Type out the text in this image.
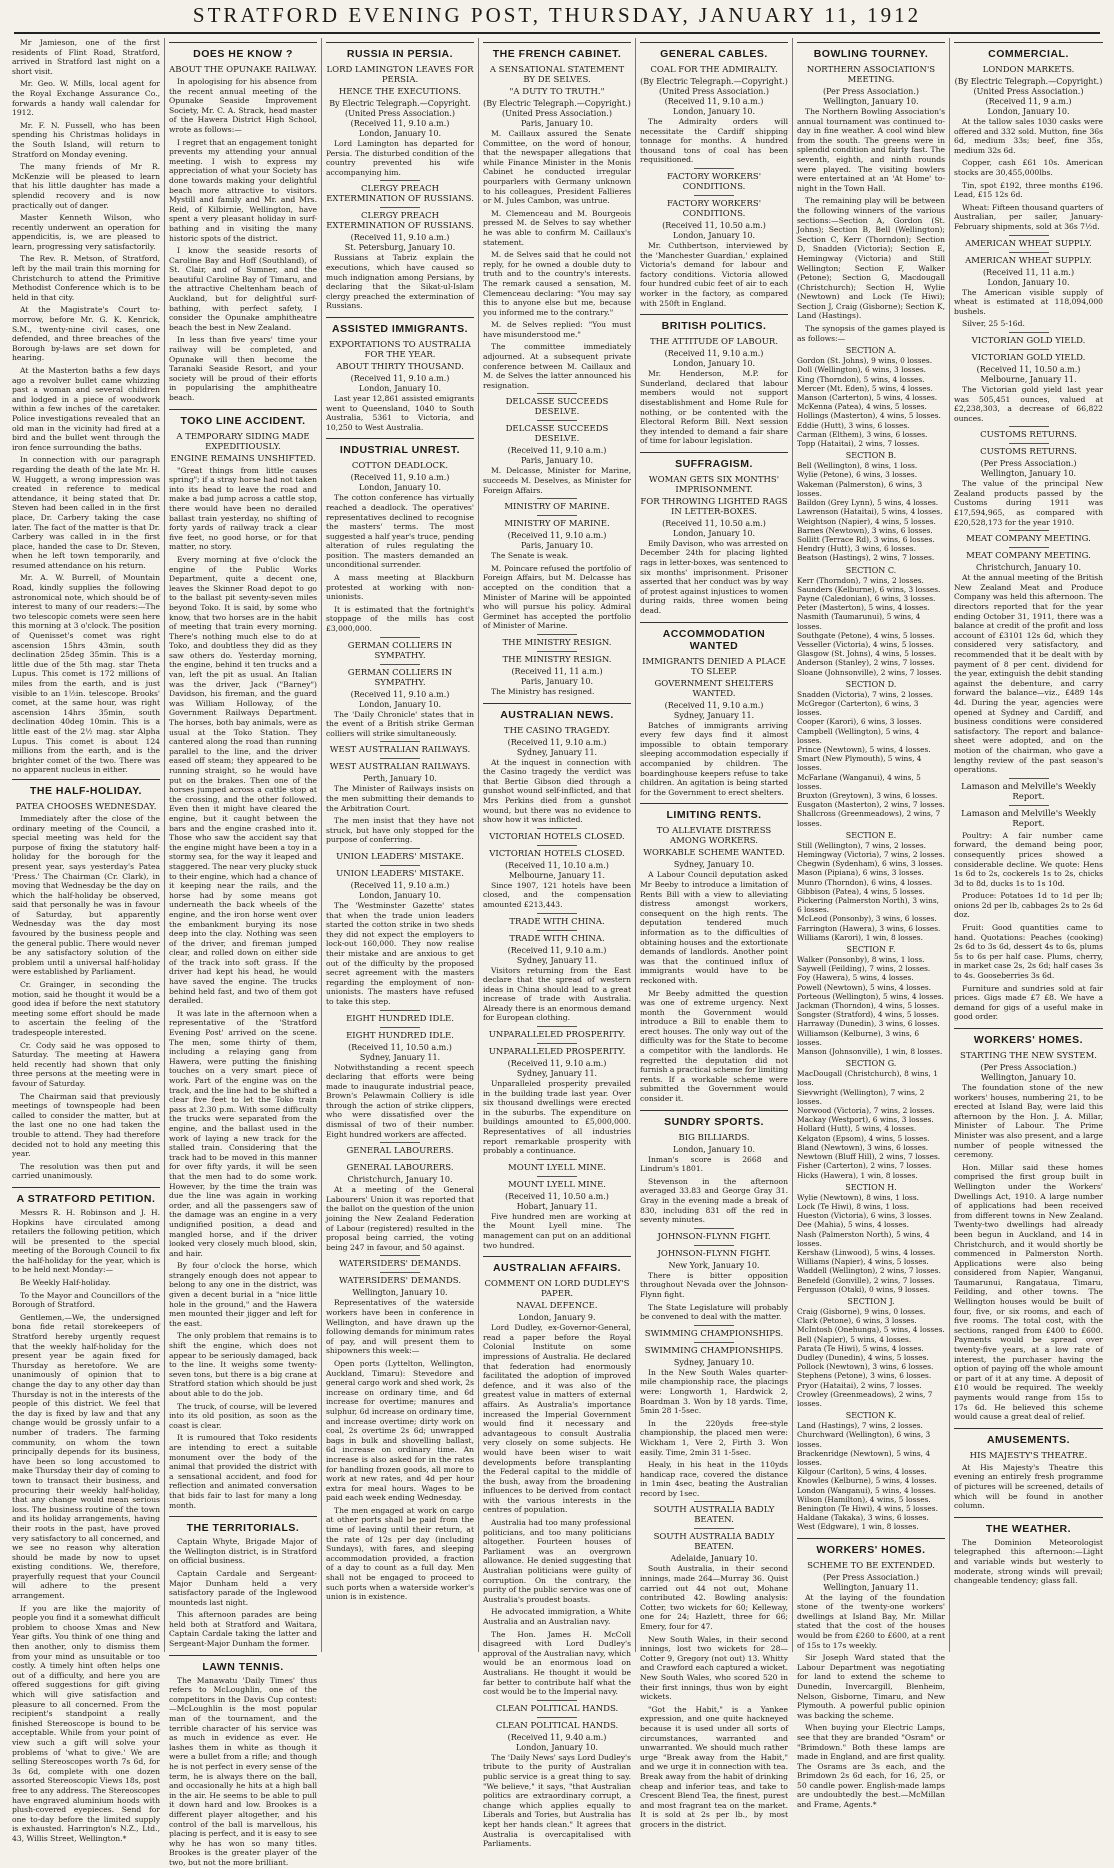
STRATFORD EVENING POST, THURSDAY, JANUARY 11, 1912

Mr Jamieson, one of the first residents of Flint Road, Stratford, arrived in Stratford last night on a short visit.

Mr. Geo. W. Mills, local agent for the Royal Exchange Assurance Co., forwards a handy wall calendar for 1912.

Mr. F. N. Fussell, who has been spending his Christmas holidays in the South Island, will return to Stratford on Monday evening.

The many friends of Mr R. McKenzie will be pleased to learn that his little daughter has made a splendid recovery and is now practically out of danger.

Master Kenneth Wilson, who recently underwent an operation for appendicitis, is, we are pleased to learn, progressing very satisfactorily.

The Rev. R. Metson, of Stratford, left by the mail train this morning for Christchurch to attend the Primitive Methodist Conference which is to be held in that city.

At the Magistrate's Court to-morrow, before Mr. G. K. Kenrick, S.M., twenty-nine civil cases, one defended, and three breaches of the Borough by-laws are set down for hearing.

At the Masterton baths a few days ago a revolver bullet came whizzing past a woman and several children and lodged in a piece of woodwork within a few inches of the caretaker. Police investigations revealed that an old man in the vicinity had fired at a bird and the bullet went through the iron fence surrounding the baths.

In connection with our paragraph regarding the death of the late Mr. H. W. Huggett, a wrong impression was created in reference to medical attendance, it being stated that Dr. Steven had been called in in the first place, Dr. Carbery taking the case later. The fact of the matter is that Dr. Carbery was called in in the first place, handed the case to Dr. Steven, when he left town temporarily, and resumed attendance on his return.

Mr. A. W. Burrell, of Mountain Road, kindly supplies the following astronomical note, which should be of interest to many of our readers:—The two telescopic comets were seen here this morning at 3 o'clock. The position of Quenisset's comet was right ascension 15hrs 43min, south declination 25deg 35min. This is a little due of the 5th mag. star Theta Lupus. This comet is 172 millions of miles from the earth, and is just visible to an 1½in. telescope. Brooks' comet, at the same hour, was right ascension 14hrs 35min, south declination 40deg 10min. This is a little east of the 2½ mag. star Alpha Lupus. This comet is about 124 millions from the earth, and is the brighter comet of the two. There was no apparent nucleus in either.

THE HALF-HOLIDAY.
PATEA CHOOSES WEDNESDAY.

Immediately after the close of the ordinary meeting of the Council, a special meeting was held for the purpose of fixing the statutory half-holiday for the borough for the present year, says yesterday's Patea 'Press.' The Chairman (Cr. Clark), in moving that Wednesday be the day on which the half-holiday be observed, said that personally he was in favour of Saturday, but apparently Wednesday was the day most favoured by the business people and the general public. There would never be any satisfactory solution of the problem until a universal half-holiday were established by Parliament.

Cr. Grainger, in seconding the motion, said he thought it would be a good idea if before the next statutory meeting some effort should be made to ascertain the feeling of the tradespeople interested.

Cr. Cody said he was opposed to Saturday. The meeting at Hawera held recently had shown that only three persons at the meeting were in favour of Saturday.

The Chairman said that previously meetings of townspeople had been called to consider the matter, but at the last one no one had taken the trouble to attend. They had therefore decided not to hold any meeting this year.

The resolution was then put and carried unanimously.

A STRATFORD PETITION.

Messrs R. H. Robinson and J. H. Hopkins have circulated among retailers the following petition, which will be presented to the special meeting of the Borough Council to fix the half-holiday for the year, which is to be held next Monday:—

Be Weekly Half-holiday.

To the Mayor and Councillors of the Borough of Stratford.

Gentlemen,—We, the undersigned bona fide retail storekeepers of Stratford hereby urgently request that the weekly half-holiday for the present year be again fixed for Thursday as heretofore. We are unanimously of opinion that to change the day to any other day than Thursday is not in the interests of the people of this district. We feel that the day is fixed by law and that any change would be grossly unfair to a number of traders. The farming community, on whom the town principally depends for its business, have been so long accustomed to make Thursday their day of coming to town to transact their business, and procuring their weekly half-holiday, that any change would mean serious loss. The business routine of the town and its holiday arrangements, having their roots in the past, have proved very satisfactory to all concerned, and we see no reason why alteration should be made by now to upset existing conditions. We, therefore, prayerfully request that your Council will adhere to the present arrangement.

If you are like the majority of people you find it a somewhat difficult problem to choose Xmas and New Year gifts. You think of one thing and then another, only to dismiss them from your mind as unsuitable or too costly. A timely hint often helps one out of a difficulty, and here you are offered suggestions for gift giving which will give satisfaction and pleasure to all concerned. From the recipient's standpoint a really finished Stereoscope is bound to be acceptable. While from your point of view such a gift will solve your problems of 'what to give.' We are selling Stereoscopes worth 7s 6d, for 3s 6d, complete with one dozen assorted Stereoscopic Views 18s, post free to any address. The Stereoscopes have engraved aluminium hoods with plush-covered eyepieces. Send for one to-day before the limited supply is exhausted. Harrington's N.Z., Ltd., 43, Willis Street, Wellington.*

DOES HE KNOW ?
ABOUT THE OPUNAKE RAILWAY.

In apologising for his absence from the recent annual meeting of the Opunake Seaside Improvement Society, Mr. C. A. Strack, head master of the Hawera District High School, wrote as follows:—

I regret that an engagement tonight prevents my attending your annual meeting. I wish to express my appreciation of what your Society has done towards making your delightful beach more attractive to visitors. Mystill and family and Mr. and Mrs. Reid, of Kilbirnie, Wellington, have spent a very pleasant holiday in surf-bathing and in visiting the many historic spots of the district.

I know the seaside resorts of Caroline Bay and Hoff (Southland), of St. Clair, and of Sumner, and the beautiful Caroline Bay of Timaru, and the attractive Cheltenham beach of Auckland, but for delightful surf-bathing, with perfect safety, I consider the Opunake amphitheatre beach the best in New Zealand.

In less than five years' time your railway will be completed, and Opunake will then become the Taranaki Seaside Resort, and your society will be proud of their efforts in popularising the amphitheatre beach.

TOKO LINE ACCIDENT.
A TEMPORARY SIDING MADE EXPEDITIOUSLY.
ENGINE REMAINS UNSHIFTED.

"Great things from little causes spring"; if a stray horse had not taken into its head to leave the road and make a bad jump across a cattle stop, there would have been no derailed ballast train yesterday, no shifting of forty yards of railway track a clear five feet, no good horse, or for that matter, no story.

Every morning at five o'clock the engine of the Public Works Department, quite a decent one, leaves the Skinner Road depot to go to the ballast pit seventy-seven miles beyond Toko. It is said, by some who know, that two horses are in the habit of meeting that train every morning. There's nothing much else to do at Toko, and doubtless they did as they saw others do. Yesterday morning, the engine, behind it ten trucks and a van, left the pit as usual. An Italian was the driver, Jack ("Barney") Davidson, his fireman, and the guard was William Holloway, of the Government Railways Department. The horses, both bay animals, were as usual at the Toko Station. They cantered along the road than running parallel to the line, and the driver eased off steam; they appeared to be running straight, so he would have put on the brakes. Then one of the horses jumped across a cattle stop at the crossing, and the other followed. Even then it might have cleared the engine, but it caught between the bars and the engine crashed into it. Those who saw the accident say that the engine might have been a toy in a stormy sea, for the way it leaped and staggered. The near very plucky stuck to their engine, which had a chance of it keeping near the rails, and the horse had by some means got underneath the back wheels of the engine, and the iron horse went over the embankment burying its nose deep into the clay. Nothing was seen of the driver, and fireman jumped clear, and rolled down on either side of the track into soft grass. If the driver had kept his head, he would have saved the engine. The trucks behind held fast, and two of them got derailed.

It was late in the afternoon when a representative of the 'Stratford Evening Post' arrived on the scene. The men, some thirty of them, including a relaying gang from Hawera, were putting the finishing touches on a very smart piece of work. Part of the engine was on the track, and the line had to be shifted a clear five feet to let the Toko train pass at 2.30 p.m. With some difficulty the trucks were separated from the engine, and the ballast used in the work of laying a new track for the stalled train. Considering that the track had to be moved in this manner for over fifty yards, it will be seen that the men had to do some work. However, by the time the train was due the line was again in working order, and all the passengers saw of the damage was an engine in a very undignified position, a dead and mangled horse, and if the driver looked very closely much blood, skin, and hair.

By four o'clock the horse, which strangely enough does not appear to belong to any one in the district, was given a decent burial in a "nice little hole in the ground," and the Hawera men mounted their jigger and left for the east.

The only problem that remains is to shift the engine, which does not appear to be seriously damaged, back to the line. It weighs some twenty-seven tons, but there is a big crane at Stratford station which should be just about able to do the job.

The truck, of course, will be levered into its old position, as soon as the coast is clear.

It is rumoured that Toko residents are intending to erect a suitable monument over the body of the animal that provided the district with a sensational accident, and food for reflection and animated conversation that bids fair to last for many a long month.

THE TERRITORIALS.

Captain Whyte, Brigade Major of the Wellington district, is in Stratford on official business.

Captain Cardale and Sergeant-Major Dunham held a very satisfactory parade of the Inglewood mounteds last night.

This afternoon parades are being held both at Stratford and Waitara, Captain Cardale taking the latter and Sergeant-Major Dunham the former.

LAWN TENNIS.

The Manawatu 'Daily Times' thus refers to McLoughlin, one of the competitors in the Davis Cup contest:—McLoughlin is the most popular man of the tournament, and the terrible character of his service was as much in evidence as ever. He lashes them in white as though it were a bullet from a rifle; and though he is not perfect in every sense of the term, he is always there on the ball, and occasionally he hits at a high ball in the air. He seems to be able to pull it down hard and low. Brookes is a different player altogether, and his control of the ball is marvellous, his placing is perfect, and it is easy to see why he has won so many titles. Brookes is the greater player of the two, but not the more brilliant.

RUSSIA IN PERSIA.
LORD LAMINGTON LEAVES FOR PERSIA.
HENCE THE EXECUTIONS.
By Electric Telegraph.—Copyright.
(United Press Association.)
(Received 11, 9.10 a.m.)
London, January 10.

Lord Lamington has departed for Persia. The disturbed condition of the country prevented his wife accompanying him.

CLERGY PREACH EXTERMINATION OF RUSSIANS.
CLERGY PREACH EXTERMINATION OF RUSSIANS.
(Received 11, 9.10 a.m.)
St. Petersburg, January 10.

Russians at Tabriz explain the executions, which have caused so much indignation among Persians, by declaring that the Sikat-ul-Islam clergy preached the extermination of Russians.

ASSISTED IMMIGRANTS.
EXPORTATIONS TO AUSTRALIA FOR THE YEAR.
ABOUT THIRTY THOUSAND.
(Received 11, 9.10 a.m.)
London, January 10.

Last year 12,861 assisted emigrants went to Queensland, 1040 to South Australia, 5361 to Victoria, and 10,250 to West Australia.

INDUSTRIAL UNREST.
COTTON DEADLOCK.
(Received 11, 9.10 a.m.)
London, January 10.

The cotton conference has virtually reached a deadlock. The operatives' representatives declined to recognise the masters' terms. The most suggested a half year's truce, pending alteration of rules regulating the position. The masters demanded an unconditional surrender.

A mass meeting at Blackburn protested at working with non-unionists.

It is estimated that the fortnight's stoppage of the mills has cost £3,000,000.

GERMAN COLLIERS IN SYMPATHY.
GERMAN COLLIERS IN SYMPATHY.
(Received 11, 9.10 a.m.)
London, January 10.

The 'Daily Chronicle' states that in the event of a British strike German colliers will strike simultaneously.

WEST AUSTRALIAN RAILWAYS.
WEST AUSTRALIAN RAILWAYS.
Perth, January 10.

The Minister of Railways insists on the men submitting their demands to the Arbitration Court.

The men insist that they have not struck, but have only stopped for the purpose of conferring.

UNION LEADERS' MISTAKE.
UNION LEADERS' MISTAKE.
(Received 11, 9.10 a.m.)
London, January 10.

The 'Westminster Gazette' states that when the trade union leaders started the cotton strike in two sheds they did not expect the employers to lock-out 160,000. They now realise their mistake and are anxious to get out of the difficulty by the proposed secret agreement with the masters regarding the employment of non-unionists. The masters have refused to take this step.

EIGHT HUNDRED IDLE.
EIGHT HUNDRED IDLE.
(Received 11, 10.50 a.m.)
Sydney, January 11.

Notwithstanding a recent speech declaring that efforts were being made to inaugurate industrial peace, Brown's Pelawmain Colliery is idle through the action of strike clippers, who were dissatisfied over the dismissal of two of their number. Eight hundred workers are affected.

GENERAL LABOURERS.
GENERAL LABOURERS.
Christchurch, January 10.

At a meeting of the General Labourers' Union it was reported that the ballot on the question of the union joining the New Zealand Federation of Labour (registered) resulted in the proposal being carried, the voting being 247 in favour, and 50 against.

WATERSIDERS' DEMANDS.
WATERSIDERS' DEMANDS.
Wellington, January 10.

Representatives of the waterside workers have been in conference in Wellington, and have drawn up the following demands for minimum rates of pay, and will present them to shipowners this week:—

Open ports (Lyttelton, Wellington, Auckland, Timaru): Stevedore and general cargo work and shed work, 2s increase on ordinary time, and 6d increase for overtime; manures and sulphur, 6d increase on ordinary time, and increase overtime; dirty work on coal, 2s overtime 2s 6d; unwrapped bags in bulk and shovelling ballast, 6d increase on ordinary time. An increase is also asked for in the rates for handling frozen goods, all more to work at new rates, and 4d per hour extra for meal hours. Wages to be paid each week ending Wednesday.

The men engaged at work on cargo at other ports shall be paid from the time of leaving until their return, at the rate of 12s per day (including Sundays), with fares, and sleeping accommodation provided, a fraction of a day to count as a full day. Men shall not be engaged to proceed to such ports when a waterside worker's union is in existence.

THE FRENCH CABINET.
A SENSATIONAL STATEMENT BY DE SELVES.
"A DUTY TO TRUTH."
(By Electric Telegraph.—Copyright.)
(United Press Association.)
Paris, January 10.

M. Caillaux assured the Senate Committee, on the word of honour, that the newspaper allegations that while Finance Minister in the Monis Cabinet he conducted irregular pourparlers with Germany unknown to his colleagues, President Fallieres or M. Jules Cambon, was untrue.

M. Clemenceau and M. Bourgeois pressed M. de Selves to say whether he was able to confirm M. Caillaux's statement.

M. de Selves said that he could not reply, for he owned a double duty to truth and to the country's interests. The remark caused a sensation, M. Clemenceau declaring: "You may say this to anyone else but me, because you informed me to the contrary."

M. de Selves replied: "You must have misunderstood me."

The committee immediately adjourned. At a subsequent private conference between M. Caillaux and M. de Selves the latter announced his resignation.

DELCASSE SUCCEEDS DESELVE.
DELCASSE SUCCEEDS DESELVE.
(Received 11, 9.10 a.m.)
Paris, January 10.

M. Delcasse, Minister for Marine, succeeds M. Deselves, as Minister for Foreign Affairs.

MINISTRY OF MARINE.
MINISTRY OF MARINE.
(Received 11, 9.10 a.m.)
Paris, January 10.

The Senate is weak.

M. Poincare refused the portfolio of Foreign Affairs, but M. Delcasse has accepted on the condition that a Minister of Marine will be appointed who will pursue his policy. Admiral Germinet has accepted the portfolio of Minister of Marine.

THE MINISTRY RESIGN.
THE MINISTRY RESIGN.
(Received 11, 11 a.m.)
Paris, January 10.

The Ministry has resigned.

AUSTRALIAN NEWS.
THE CASINO TRAGEDY.
(Received 11, 9.10 a.m.)
Sydney, January 11.

At the inquest in connection with the Casino tragedy the verdict was that Bertie Gibson died through a gunshot wound self-inflicted, and that Mrs Perkins died from a gunshot wound, but there was no evidence to show how it was inflicted.

VICTORIAN HOTELS CLOSED.
VICTORIAN HOTELS CLOSED.
(Received 11, 10.10 a.m.)
Melbourne, January 11.

Since 1907, 121 hotels have been closed, and the compensation amounted £213,443.

TRADE WITH CHINA.
TRADE WITH CHINA.
(Received 11, 9.10 a.m.)
Sydney, January 11.

Visitors returning from the East declare that the spread of western ideas in China should lead to a great increase of trade with Australia. Already there is an enormous demand for European clothing.

UNPARALLELED PROSPERITY.
UNPARALLELED PROSPERITY.
(Received 11, 9.10 a.m.)
Sydney, January 11.

Unparalleled prosperity prevailed in the building trade last year. Over six thousand dwellings were erected in the suburbs. The expenditure on buildings amounted to £5,000,000. Representatives of all industries report remarkable prosperity with probably a continuance.

MOUNT LYELL MINE.
MOUNT LYELL MINE.
(Received 11, 10.50 a.m.)
Hobart, January 11.

Five hundred men are working at the Mount Lyell mine. The management can put on an additional two hundred.

AUSTRALIAN AFFAIRS.
COMMENT ON LORD DUDLEY'S PAPER.
NAVAL DEFENCE.
London, January 9.

Lord Dudley, ex-Governor-General, read a paper before the Royal Colonial Institute on some impressions of Australia. He declared that federation had enormously facilitated the adoption of improved defence, and it was also of the greatest value in matters of external affairs. As Australia's importance increased the Imperial Government would find it necessary and advantageous to consult Australia very closely on some subjects. He would have been wiser to wait developments before transplanting the Federal capital to the middle of the bush, away from the broadening influences to be derived from contact with the various interests in the centres of population.

Australia had too many professional politicians, and too many politicians altogether. Fourteen houses of Parliament was an overgrown allowance. He denied suggesting that Australian politicians were guilty of corruption. On the contrary, the purity of the public service was one of Australia's proudest boasts.

He advocated immigration, a White Australia and an Australian navy.

The Hon. James H. McColl disagreed with Lord Dudley's approval of the Australian navy, which would be an enormous load on Australians. He thought it would be far better to contribute half what the cost would be to the Imperial navy.

CLEAN POLITICAL HANDS.
CLEAN POLITICAL HANDS.
(Received 11, 9.40 a.m.)
London, January 10.

The 'Daily News' says Lord Dudley's tribute to the purity of Australian public service is a great thing to say. "We believe," it says, "that Australian politics are extraordinary corrupt, a change which applies equally to Liberals and Tories, but Australia has kept her hands clean." It agrees that Australia is overcapitalised with Parliaments.

GENERAL CABLES.
COAL FOR THE ADMIRALTY.
(By Electric Telegraph.—Copyright.)
(United Press Association.)
(Received 11, 9.10 a.m.)
London, January 10.

The Admiralty orders will necessitate the Cardiff shipping tonnage for months. A hundred thousand tons of coal has been requisitioned.

FACTORY WORKERS' CONDITIONS.
FACTORY WORKERS' CONDITIONS.
(Received 11, 10.50 a.m.)
London, January 10.

Mr. Cuthbertson, interviewed by the 'Manchester Guardian,' explained Victoria's demand for labour and factory conditions. Victoria allowed four hundred cubic feet of air to each worker in the factory, as compared with 250ft in England.

BRITISH POLITICS.
THE ATTITUDE OF LABOUR.
(Received 11, 9.10 a.m.)
London, January 10.

Mr. Henderson, M.P. for Sunderland, declared that labour members would not support disestablishment and Home Rule for nothing, or be contented with the Electoral Reform Bill. Next session they intended to demand a fair share of time for labour legislation.

SUFFRAGISM.
WOMAN GETS SIX MONTHS' IMPRISONMENT.
FOR THROWING LIGHTED RAGS IN LETTER-BOXES.
(Received 11, 10.50 a.m.)
London, January 10.

Emily Davison, who was arrested on December 24th for placing lighted rags in letter-boxes, was sentenced to six months' imprisonment. Prisoner asserted that her conduct was by way of protest against injustices to women during raids, three women being dead.

ACCOMMODATION WANTED
IMMIGRANTS DENIED A PLACE TO SLEEP.
GOVERNMENT SHELTERS WANTED.
(Received 11, 9.10 a.m.)
Sydney, January 11.

Batches of immigrants arriving every few days find it almost impossible to obtain temporary sleeping accommodation especially if accompanied by children. The boardinghouse keepers refuse to take children. An agitation is being started for the Government to erect shelters.

LIMITING RENTS.
TO ALLEVIATE DISTRESS AMONG WORKERS.
WORKABLE SCHEME WANTED.
Sydney, January 10.

A Labour Council deputation asked Mr Beeby to introduce a limitation of Rents Bill with a view to alleviating distress amongst workers, consequent on the high rents. The deputation tendered much information as to the difficulties of obtaining houses and the extortionate demands of landlords. Another point was that the continued influx of immigrants would have to be reckoned with.

Mr Beeby admitted the question was one of extreme urgency. Next month the Government would introduce a Bill to enable them to erect houses. The only way out of the difficulty was for the State to become a competitor with the landlords. He regretted the deputation did not furnish a practical scheme for limiting rents. If a workable scheme were submitted the Government would consider it.

SUNDRY SPORTS.
BIG BILLIARDS.
London, January 10.

Inman's score is 2668 and Lindrum's 1801.

Stevenson in the afternoon averaged 33.83 and George Gray 31. Gray in the evening made a break of 830, including 831 off the red in seventy minutes.

JOHNSON-FLYNN FIGHT.
JOHNSON-FLYNN FIGHT.
New York, January 10.

There is bitter opposition throughout Nevada over the Johnson-Flynn fight.

The State Legislature will probably be convened to deal with the matter.

SWIMMING CHAMPIONSHIPS.
SWIMMING CHAMPIONSHIPS.
Sydney, January 10.

In the New South Wales quarter-mile championship race, the placings were: Longworth 1, Hardwick 2, Boardman 3. Won by 18 yards. Time, 5min 28 1-5sec.

In the 220yds free-style championship, the placed men were: Wickham 1, Vere 2, Firth 3. Won easily. Time, 2min 31 1-5sec.

Healy, in his heat in the 110yds handicap race, covered the distance in 1min 4sec, beating the Australian record by 1sec.

SOUTH AUSTRALIA BADLY BEATEN.
SOUTH AUSTRALIA BADLY BEATEN.
Adelaide, January 10.

South Australia, in their second innings, made 264—Murray 36. Quist carried out 44 not out, Mohane contributed 42. Bowling analysis: Cotter, two wickets for 60; Kelleway, one for 24; Hazlett, three for 66; Emery, four for 47.

New South Wales, in their second innings, lost two wickets for 28—Cotter 9, Gregory (not out) 13. Whitty and Crawford each captured a wicket. New South Wales, who scored 520 in their first innings, thus won by eight wickets.

"Got the Habit," is a Yankee expression, and one quite hackneyed because it is used under all sorts of circumstances, warranted and unwarranted. We should much rather urge "Break away from the Habit," and we urge it in connection with tea. Break away from the habit of drinking cheap and inferior teas, and take to Crescent Blend Tea, the finest, purest and most fragrant tea on the market. It is sold at 2s per lb., by most grocers in the district.

BOWLING TOURNEY.
NORTHERN ASSOCIATION'S MEETING.
(Per Press Association.)
Wellington, January 10.

The Northern Bowling Association's annual tournament was continued to-day in fine weather. A cool wind blew from the south. The greens were in splendid condition and fairly fast. The seventh, eighth, and ninth rounds were played. The visiting bowlers were entertained at an 'At Home' to-night in the Town Hall.

The remaining play will be between the following winners of the various sections:—Section A, Gordon (St. Johns); Section B, Bell (Wellington); Section C, Kerr (Thorndon); Section D, Snadden (Victoria); Section E, Hemingway (Victoria) and Still Wellington; Section F, Walker (Petone); Section G, Macdougall (Christchurch); Section H, Wylie (Newtown) and Lock (Te Hiwi); Section J, Craig (Gisborne); Section K, Land (Hastings).

The synopsis of the games played is as follows:—

SECTION A.
Gordon (St. Johns), 9 wins, 0 losses.
Doll (Wellington), 6 wins, 3 losses.
King (Thorndon), 5 wins, 4 losses.
Mercer (Mt. Eden), 5 wins, 4 losses.
Manson (Carterton), 5 wins, 4 losses.
McKenna (Patea), 4 wins, 5 losses.
Hollings (Masterton), 4 wins, 5 losses.
Eddie (Hutt), 3 wins, 6 losses.
Carman (Elthem), 3 wins, 6 losses.
Topp (Hataitai), 2 wins, 7 losses.
SECTION B.
Bell (Wellington), 8 wins, 1 loss.
Wylie (Petone), 6 wins, 3 losses.
Wakeman (Palmerston), 6 wins, 3 losses.
Baildon (Grey Lynn), 5 wins, 4 losses.
Lawrenson (Hataitai), 5 wins, 4 losses.
Weightson (Napier), 4 wins, 5 losses.
Barnes (Newtown), 3 wins, 6 losses.
Sollitt (Terrace Rd), 3 wins, 6 losses.
Hendry (Hutt), 3 wins, 6 losses.
Beatson (Hastings), 2 wins, 7 losses.
SECTION C.
Kerr (Thorndon), 7 wins, 2 losses.
Saunders (Kelburne), 6 wins, 3 losses.
Payne (Caledonian), 6 wins, 3 losses.
Peter (Masterton), 5 wins, 4 losses.
Nasmith (Taumarunui), 5 wins, 4 losses.
Southgate (Petone), 4 wins, 5 losses.
Vesseller (Victoria), 4 wins, 5 losses.
Glasgow (St. Johns), 4 wins, 5 losses.
Anderson (Stanley), 2 wins, 7 losses.
Sloane (Johnsonville), 2 wins, 7 losses.
SECTION D.
Snadden (Victoria), 7 wins, 2 losses.
McGregor (Carterton), 6 wins, 3 losses.
Cooper (Karori), 6 wins, 3 losses.
Campbell (Wellington), 5 wins, 4 losses.
Prince (Newtown), 5 wins, 4 losses.
Smart (New Plymouth), 5 wins, 4 losses.
McFarlane (Wanganui), 4 wins, 5 losses.
Bruxton (Greytown), 3 wins, 6 losses.
Eusgaton (Masterton), 2 wins, 7 losses.
Shallcross (Greenmeadows), 2 wins, 7 losses.
SECTION E.
Still (Wellington), 7 wins, 2 losses.
Hemingway (Victoria), 7 wins, 2 losses.
Chegwin (Sydenham), 6 wins, 3 losses.
Mason (Pipiana), 6 wins, 3 losses.
Munro (Thorndon), 6 wins, 4 losses.
Gibbison (Patea), 4 wins, 5 losses.
Pickering (Palmerston North), 3 wins, 6 losses.
McLeod (Ponsonby), 3 wins, 6 losses.
Farrington (Hawera), 3 wins, 6 losses.
Williams (Karori), 1 win, 8 losses.
SECTION F.
Walker (Ponsonby), 8 wins, 1 loss.
Saywell (Feilding), 7 wins, 2 losses.
Foy (Hawera), 5 wins, 4 losses.
Powell (Newtown), 5 wins, 4 losses.
Porteous (Wellington), 5 wins, 4 losses.
Jackman (Thorndon), 4 wins, 5 losses.
Songster (Stratford), 4 wins, 5 losses.
Harraway (Dunedin), 3 wins, 6 losses.
Williamson (Kelburne), 3 wins, 6 losses.
Manson (Johnsonville), 1 win, 8 losses.
SECTION G.
MacDougall (Christchurch), 8 wins, 1 loss.
Sievwright (Wellington), 7 wins, 2 losses.
Norwood (Victoria), 7 wins, 2 losses.
Mackay (Westport), 6 wins, 3 losses.
Hollard (Hutt), 5 wins, 4 losses.
Kelgaton (Epsom), 4 wins, 5 losses.
Bland (Newtown), 3 wins, 6 losses.
Newtown (Bluff Hill), 2 wins, 7 losses.
Fisher (Carterton), 2 wins, 7 losses.
Hicks (Hawera), 1 win, 8 losses.
SECTION H.
Wylie (Newtown), 8 wins, 1 loss.
Lock (Te Hiwi), 8 wins, 1 loss.
Hueston (Victoria), 6 wins, 3 losses.
Dee (Mahia), 5 wins, 4 losses.
Nash (Palmerston North), 5 wins, 4 losses.
Kershaw (Linwood), 5 wins, 4 losses.
Williams (Napier), 4 wins, 5 losses.
Waddell (Wellington), 2 wins, 7 losses.
Benefeld (Gonville), 2 wins, 7 losses.
Fergusson (Otaki), 0 wins, 9 losses.
SECTION J.
Craig (Gisborne), 9 wins, 0 losses.
Clark (Petone), 6 wins, 3 losses.
McIntosh (Onehunga), 5 wins, 4 losses.
Bell (Napier), 5 wins, 4 losses.
Parata (Te Hiwi), 5 wins, 4 losses.
Dudley (Dunedin), 4 wins, 5 losses.
Pollock (Newtown), 3 wins, 6 losses.
Stephens (Petone), 3 wins, 6 losses.
Pryor (Hataitai), 2 wins, 7 losses.
Crowley (Greenmeadows), 2 wins, 7 losses.
SECTION K.
Land (Hastings), 7 wins, 2 losses.
Churchward (Wellington), 6 wins, 3 losses.
Brackenridge (Newtown), 5 wins, 4 losses.
Kilgour (Carlton), 5 wins, 4 losses.
Knowles (Kelburne), 5 wins, 4 losses.
London (Wanganui), 5 wins, 4 losses.
Wilson (Hamilton), 4 wins, 5 losses.
Benington (Te Hiwi), 4 wins, 5 losses.
Haldane (Takaka), 3 wins, 6 losses.
West (Edgware), 1 win, 8 losses.
WORKERS' HOMES.
SCHEME TO BE EXTENDED.
(Per Press Association.)
Wellington, January 11.

At the laying of the foundation stone of the twenty-one workers' dwellings at Island Bay, Mr. Millar stated that the cost of the houses would be from £260 to £600, at a rent of 15s to 17s weekly.

Sir Joseph Ward stated that the Labour Department was negotiating for land to extend the scheme to Dunedin, Invercargill, Blenheim, Nelson, Gisborne, Timaru, and New Plymouth. A powerful public opinion was backing the scheme.

When buying your Electric Lamps, see that they are branded "Osram" or "Brimdown." Both these lamps are made in England, and are first quality. The Osrams are 3s each, and the Brimdown 2s 6d each, for 16, 25, or 50 candle power. English-made lamps are undoubtedly the best.—McMillan and Frame, Agents.*

COMMERCIAL.
LONDON MARKETS.
(By Electric Telegraph.—Copyright.)
(United Press Association.)
(Received 11, 9 a.m.)
London, January 10.

At the tallow sales 1030 casks were offered and 332 sold. Mutton, fine 36s 6d, medium 33s; beef, fine 35s, medium 32s 6d.

Copper, cash £61 10s. American stocks are 30,455,000lbs.

Tin, spot £192, three months £196. Lead, £15 12s 6d.

Wheat: Fifteen thousand quarters of Australian, per sailer, January-February shipments, sold at 36s 7½d.

AMERICAN WHEAT SUPPLY.
AMERICAN WHEAT SUPPLY.
(Received 11, 11 a.m.)
London, January 10.

The American visible supply of wheat is estimated at 118,094,000 bushels.

Silver, 25 5-16d.

VICTORIAN GOLD YIELD.
VICTORIAN GOLD YIELD.
(Received 11, 10.50 a.m.)
Melbourne, January 11.

The Victorian gold yield last year was 505,451 ounces, valued at £2,238,303, a decrease of 66,822 ounces.

CUSTOMS RETURNS.
CUSTOMS RETURNS.
(Per Press Association.)
Wellington, January 10.

The value of the principal New Zealand products passed by the Customs during 1911 was £17,594,965, as compared with £20,528,173 for the year 1910.

MEAT COMPANY MEETING.
MEAT COMPANY MEETING.
Christchurch, January 10.

At the annual meeting of the British New Zealand Meat and Produce Company was held this afternoon. The directors reported that for the year ending October 31, 1911, there was a balance at credit of the profit and loss account of £3101 12s 6d, which they considered very satisfactory, and recommended that it be dealt with by payment of 8 per cent. dividend for the year, extinguish the debit standing against the debenture, and carry forward the balance—viz., £489 14s 4d. During the year, agencies were opened at Sydney and Cardiff, and business conditions were considered satisfactory. The report and balance-sheet were adopted, and on the motion of the chairman, who gave a lengthy review of the past season's operations.

Lamason and Melville's Weekly Report.
Lamason and Melville's Weekly Report.

Poultry: A fair number came forward, the demand being poor, consequently prices showed a considerable decline. We quote: Hens 1s 6d to 2s, cockerels 1s to 2s, chicks 3d to 8d, ducks 1s to 1s 10d.

Produce: Potatoes 1d to 1d per lb; onions 2d per lb, cabbages 2s to 2s 6d doz.

Fruit: Good quantities came to hand. Quotations: Peaches (cooking) 2s 6d to 3s 6d, dessert 4s to 6s, plums 5s to 6s per half case. Plums, cherry, in market case 2s, 2s 6d; half cases 3s to 4s. Gooseberries 3s 6d.

Furniture and sundries sold at fair prices. Gigs made £7 £8. We have a demand for gigs of a useful make in good order.

WORKERS' HOMES.
STARTING THE NEW SYSTEM.
(Per Press Association.)
Wellington, January 10.

The foundation stone of the new workers' houses, numbering 21, to be erected at Island Bay, were laid this afternoon by the Hon. J. A. Millar, Minister of Labour. The Prime Minister was also present, and a large number of people witnessed the ceremony.

Hon. Millar said these homes comprised the first group built in Wellington under the Workers' Dwellings Act, 1910. A large number of applications had been received from different towns in New Zealand. Twenty-two dwellings had already been begun in Auckland, and 14 in Christchurch, and it would shortly be commenced in Palmerston North. Applications were also being considered from Napier, Wanganui, Taumarunui, Rangataua, Timaru, Feilding, and other towns. The Wellington houses would be built of four, five, or six rooms, and each of five rooms. The total cost, with the sections, ranged from £400 to £600. Payments would be spread over twenty-five years, at a low rate of interest, the purchaser having the option of paying off the whole amount or part of it at any time. A deposit of £10 would be required. The weekly payments would range from 15s to 17s 6d. He believed this scheme would cause a great deal of relief.

AMUSEMENTS.
HIS MAJESTY'S THEATRE.

At His Majesty's Theatre this evening an entirely fresh programme of pictures will be screened, details of which will be found in another column.

THE WEATHER.

The Dominion Meteorologist telegraphed this afternoon:—Light and variable winds but westerly to moderate, strong winds will prevail; changeable tendency; glass fall.
